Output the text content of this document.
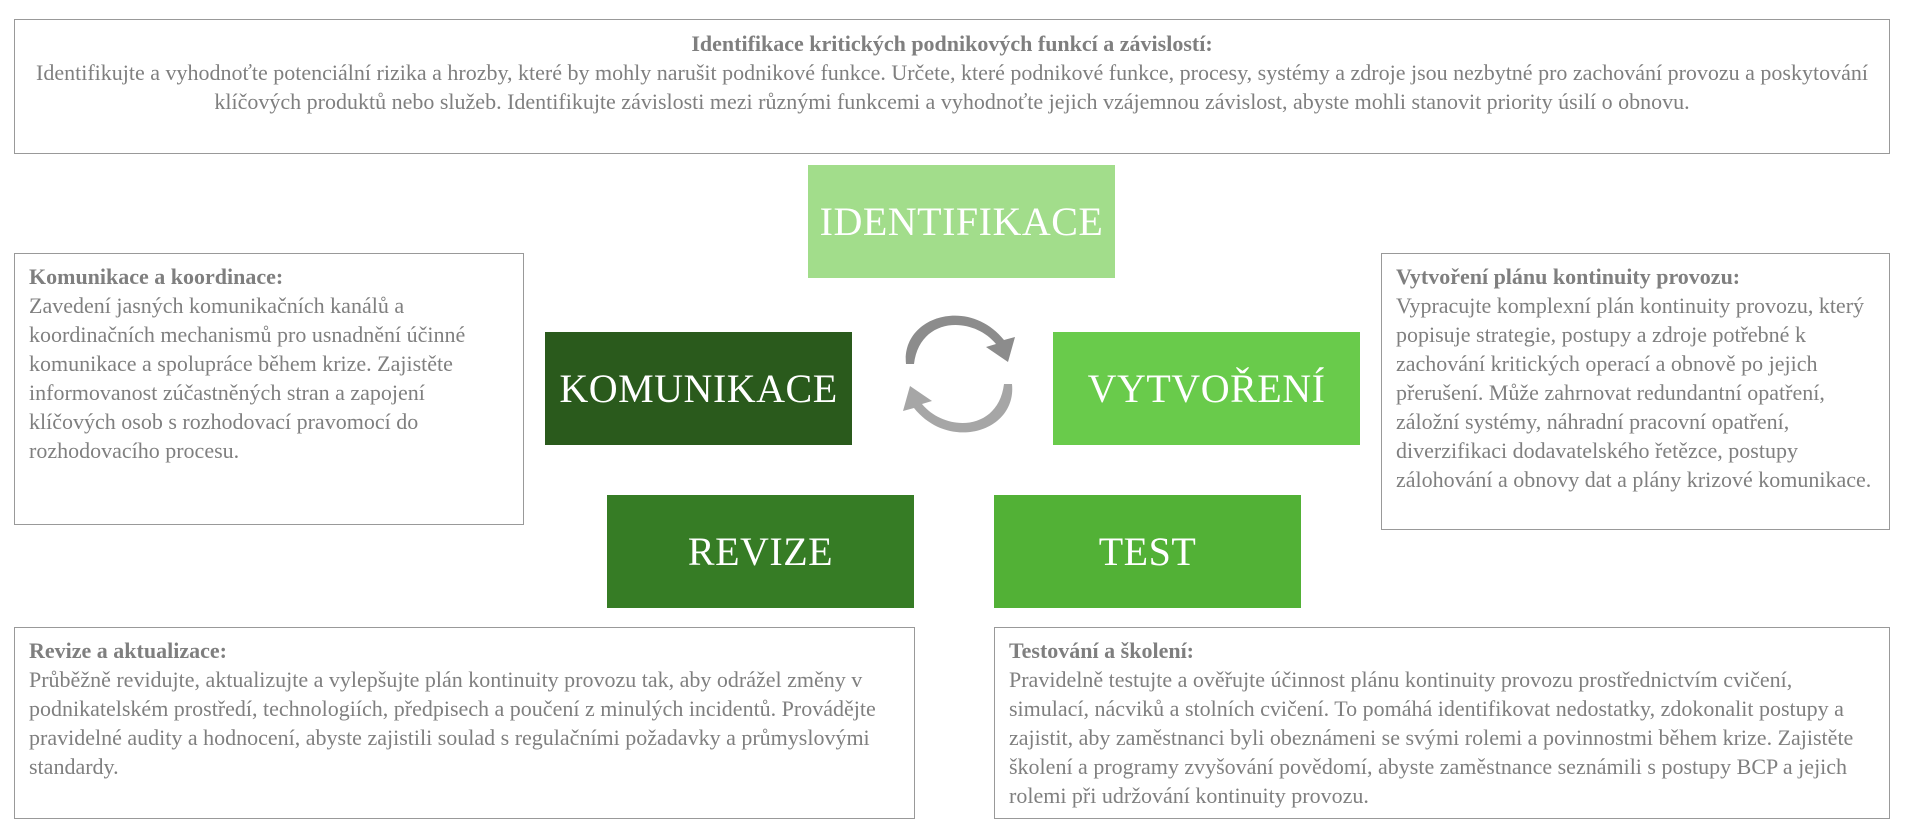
Identifikace kritických podnikových funkcí a závislostí:
Identifikujte a vyhodnoťte potenciální rizika a hrozby, které by mohly narušit podnikové funkce. Určete, které podnikové funkce, procesy, systémy a zdroje jsou nezbytné pro zachování provozu a poskytování klíčových produktů nebo služeb. Identifikujte závislosti mezi různými funkcemi a vyhodnoťte jejich vzájemnou závislost, abyste mohli stanovit priority úsilí o obnovu.
IDENTIFIKACE
KOMUNIKACE	VYTVOŘENÍ
REVIZE	TEST
Komunikace a koordinace:
Zavedení jasných komunikačních kanálů a koordinačních mechanismů pro usnadnění účinné komunikace a spolupráce během krize. Zajistěte informovanost zúčastněných stran a zapojení klíčových osob s rozhodovací pravomocí do rozhodovacího procesu.
Vytvoření plánu kontinuity provozu:
Vypracujte komplexní plán kontinuity provozu, který popisuje strategie, postupy a zdroje potřebné k zachování kritických operací a obnově po jejich přerušení. Může zahrnovat redundantní opatření, záložní systémy, náhradní pracovní opatření, diverzifikaci dodavatelského řetězce, postupy zálohování a obnovy dat a plány krizové komunikace.
Revize a aktualizace:
Průběžně revidujte, aktualizujte a vylepšujte plán kontinuity provozu tak, aby odrážel změny v podnikatelském prostředí, technologiích, předpisech a poučení z minulých incidentů. Provádějte pravidelné audity a hodnocení, abyste zajistili soulad s regulačními požadavky a průmyslovými standardy.
Testování a školení:
Pravidelně testujte a ověřujte účinnost plánu kontinuity provozu prostřednictvím cvičení, simulací, nácviků a stolních cvičení. To pomáhá identifikovat nedostatky, zdokonalit postupy a zajistit, aby zaměstnanci byli obeznámeni se svými rolemi a povinnostmi během krize. Zajistěte školení a programy zvyšování povědomí, abyste zaměstnance seznámili s postupy BCP a jejich rolemi při udržování kontinuity provozu.
